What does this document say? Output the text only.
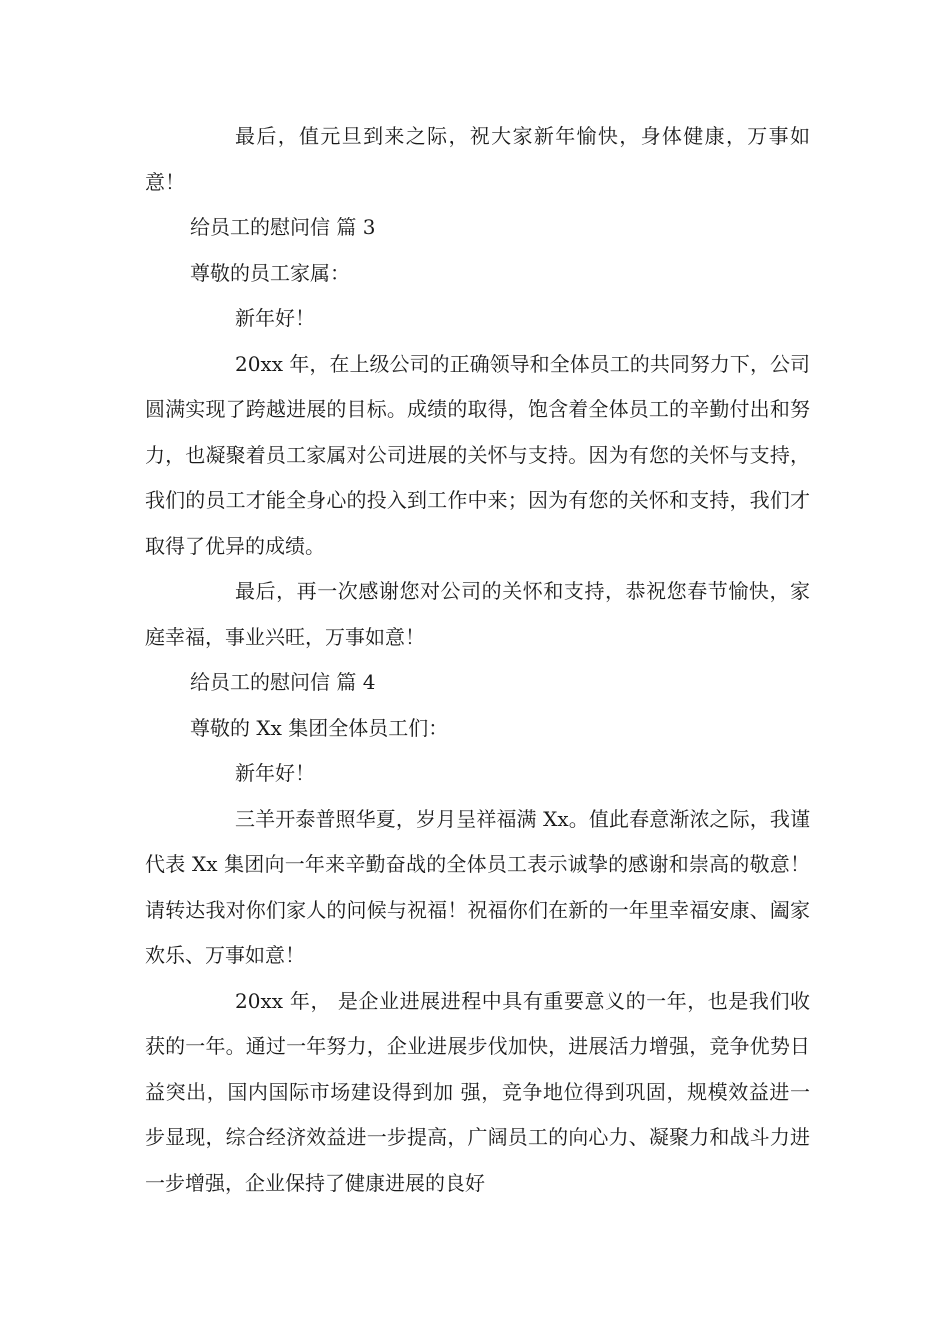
最后，值元旦到来之际，祝大家新年愉快，身体健康，万事如意！

给员工的慰问信 篇 3

尊敬的员工家属：

新年好！

20xx 年，在上级公司的正确领导和全体员工的共同努力下，公司圆满实现了跨越进展的目标。成绩的取得，饱含着全体员工的辛勤付出和努力，也凝聚着员工家属对公司进展的关怀与支持。因为有您的关怀与支持，我们的员工才能全身心的投入到工作中来；因为有您的关怀和支持，我们才取得了优异的成绩。

最后，再一次感谢您对公司的关怀和支持，恭祝您春节愉快，家庭幸福，事业兴旺，万事如意！

给员工的慰问信 篇 4

尊敬的 Xx 集团全体员工们：

新年好！

三羊开泰普照华夏，岁月呈祥福满 Xx。值此春意渐浓之际，我谨代表 Xx 集团向一年来辛勤奋战的全体员工表示诚挚的感谢和崇高的敬意！请转达我对你们家人的问候与祝福！祝福你们在新的一年里幸福安康、阖家欢乐、万事如意！

20xx 年， 是企业进展进程中具有重要意义的一年，也是我们收获的一年。通过一年努力，企业进展步伐加快，进展活力增强，竞争优势日益突出，国内国际市场建设得到加 强，竞争地位得到巩固，规模效益进一步显现，综合经济效益进一步提高，广阔员工的向心力、凝聚力和战斗力进一步增强，企业保持了健康进展的良好
